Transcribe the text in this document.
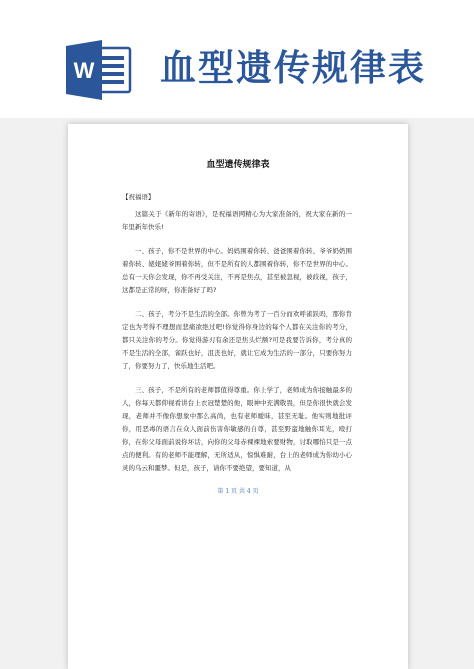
W 血型遗传规律表
血型遗传规律表
【祝福语】

这篇关于《新年的寄语》，是祝福语网精心为大家准备的，祝大家在新的一年里新年快乐!

一、孩子，你不是世界的中心。妈妈围着你转、爸爸围着你转、爷爷奶奶围着你转、姥姥姥爷围着你转，但不是所有的人都围着你转，你不是世界的中心。总有一天你会发现，你不再受关注，不再是焦点，甚至被忽视，被歧视，孩子，这都是正常的呀，你准备好了吗?

二、孩子，考分不是生活的全部。你曾为考了一百分而欢呼雀跃吗，那你肯定也为考得不理想而悲痛欲绝过吧!你觉得你身边的每个人都在关注你的考分，都只关注你的考分。你觉得游刃有余还是焦头烂额?可是我要告诉你，考分真的不是生活的全部，雀跃也好，沮丧也好，就让它成为生活的一部分，只要你努力了，你要努力了，快乐地生活吧。

三、孩子，不是所有的老师都值得尊重。你上学了，老师成为你接触最多的人，你每天都仰视看讲台上衣冠楚楚的他，眼神中充满敬畏，但是你很快就会发现，老师并不像你想象中那么高尚，也有老师暧昧，甚至无耻。他实则地批评你，用恶毒的语言在众人面前伤害你敏感的自尊，甚至野蛮地触你耳光，殴打你，在你父母面前说你坏话，向你的父母赤裸裸地索要财物，讨取哪怕只是一点点的便利。有的老师不能理解，无所适从，惊惧难耐，台上的老师成为你幼小心灵的乌云和噩梦。但是，孩子，请你不要绝望，要知道，从

第 1 页 共 4 页
